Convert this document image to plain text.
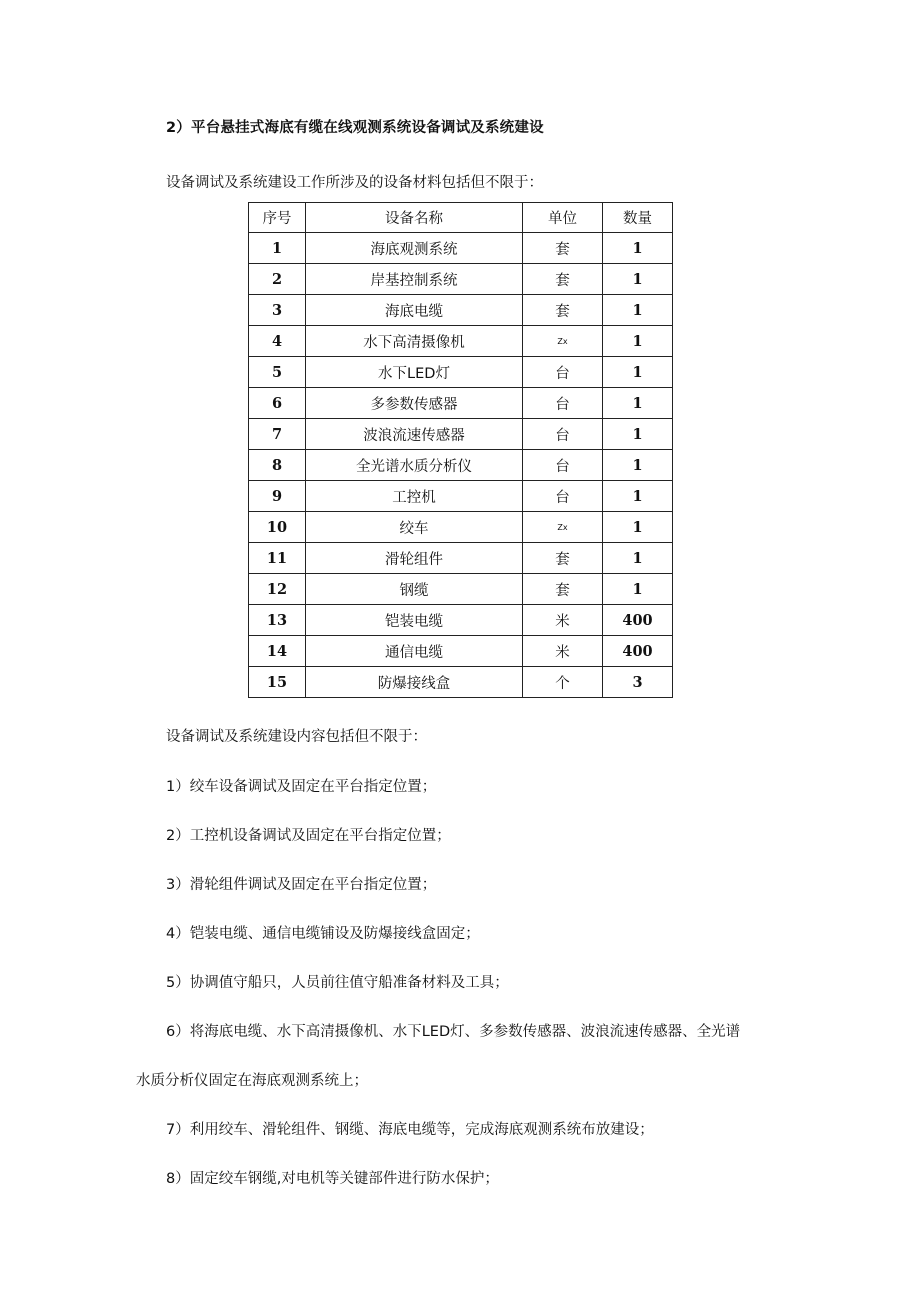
2）平台悬挂式海底有缆在线观测系统设备调试及系统建设
设备调试及系统建设工作所涉及的设备材料包括但不限于：
序号	设备名称	单位	数量
1	海底观测系统	套	1
2	岸基控制系统	套	1
3	海底电缆	套	1
4	水下高清摄像机	Zx	1
5	水下LED灯	台	1
6	多参数传感器	台	1
7	波浪流速传感器	台	1
8	全光谱水质分析仪	台	1
9	工控机	台	1
10	绞车	Zx	1
11	滑轮组件	套	1
12	钢缆	套	1
13	铠装电缆	米	400
14	通信电缆	米	400
15	防爆接线盒	个	3
设备调试及系统建设内容包括但不限于：
1）绞车设备调试及固定在平台指定位置；
2）工控机设备调试及固定在平台指定位置；
3）滑轮组件调试及固定在平台指定位置；
4）铠装电缆、通信电缆铺设及防爆接线盒固定；
5）协调值守船只，人员前往值守船准备材料及工具；
6）将海底电缆、水下高清摄像机、水下LED灯、多参数传感器、波浪流速传感器、全光谱
水质分析仪固定在海底观测系统上；
7）利用绞车、滑轮组件、钢缆、海底电缆等，完成海底观测系统布放建设；
8）固定绞车钢缆,对电机等关键部件进行防水保护；
